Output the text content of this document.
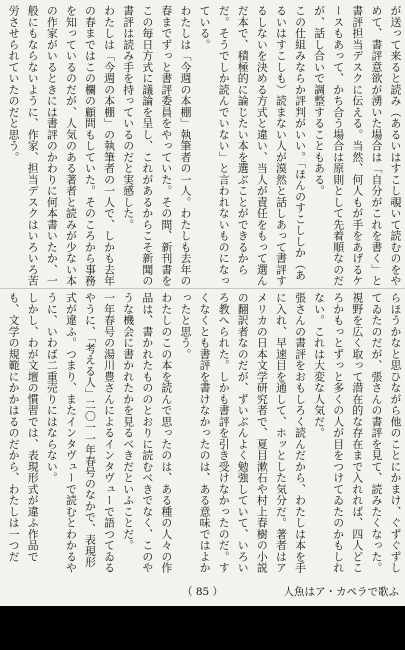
が送って来ると読み（あるいはすこし覗いて読むのをやめて、書評意欲が湧いた場合は「自分がこれを書く」と書評担当デスクに伝える。当然、何人もが手をあげるケースもあって、かち合う場合は原則として先着順なのだが、話し合いで調整することもある。

この仕組みならか評判がいい。「ほんのすこししか（あるいはすこしも）読まない人が漠然と話しあって書評するしないを決める方式と違い、当人が責任をもって選んだ本で、積極的に論じたい本を選ぶことができるからだ。そうでしか読んでいない」と言われないものになっている。

わたしは「今週の本棚」執筆者の一人。わたしも去年の春までずっと書評委員をやっていた。その間、新刊書をこの毎日方式に議論を呈し、これがあるからこそ新聞の書評は読み手を持っているのだと実感した。

わたしは「今週の本棚」の執筆者の一人で、しかも去年の春まではこの欄の顧問もしていた。そのころから事務を知っているのだが、人気のある著者と読みが少ない本の作家がいるときには書評のかわりに何本書いたか、一般にもならないように、作家、担当デスクはいろいろ苦労させられていたのだと思う。

らほうかなと思ひながら他のことにかまけ、ぐずぐずしてゐたのだが、張さんの書評を見て、読みたくなった。視野を広く取って潜在的な存在まで入れれば、四人どころかもっとずっと多くの人が目をつけてゐたのかもしれない。これは大変な人気だ。

張さんの書評をおもしろく読んだから、わたしは本を手に入れ、早速目を通して、ホッとした気分だ。著者はアメリカの日本文学研究者で、夏目漱石や村上春樹の小説の翻訳者なのだが、ずいぶんよく勉強していて、いろいろ教へられた。しかも書評を引き受けなかったのだ。すくなくとも書評を書けなかったのは、ある意味ではよかったと思う。

わたしのこの本を読んで思ったのは、ある種の人々の作品は、書かれたもののとおりに読むべきでなく、このやうな機会に書かれたかを見るべきだといふことだ。

一年春号の湯川豊さんによるインタヴューで語つてゐるやうに、「考える人」二〇一一年春号のなかで、表現形式が違ふ。つまり、またインタヴューで読むとわかるやうに、いわば二重売りにはならない。

しかし、わが文壇の慣習では、表現形式が違ふ作品でも、文学の規範にかかはるのだから、わたしは一つだ

人魚はア・カペラで歌ふ
（ 85 ）
